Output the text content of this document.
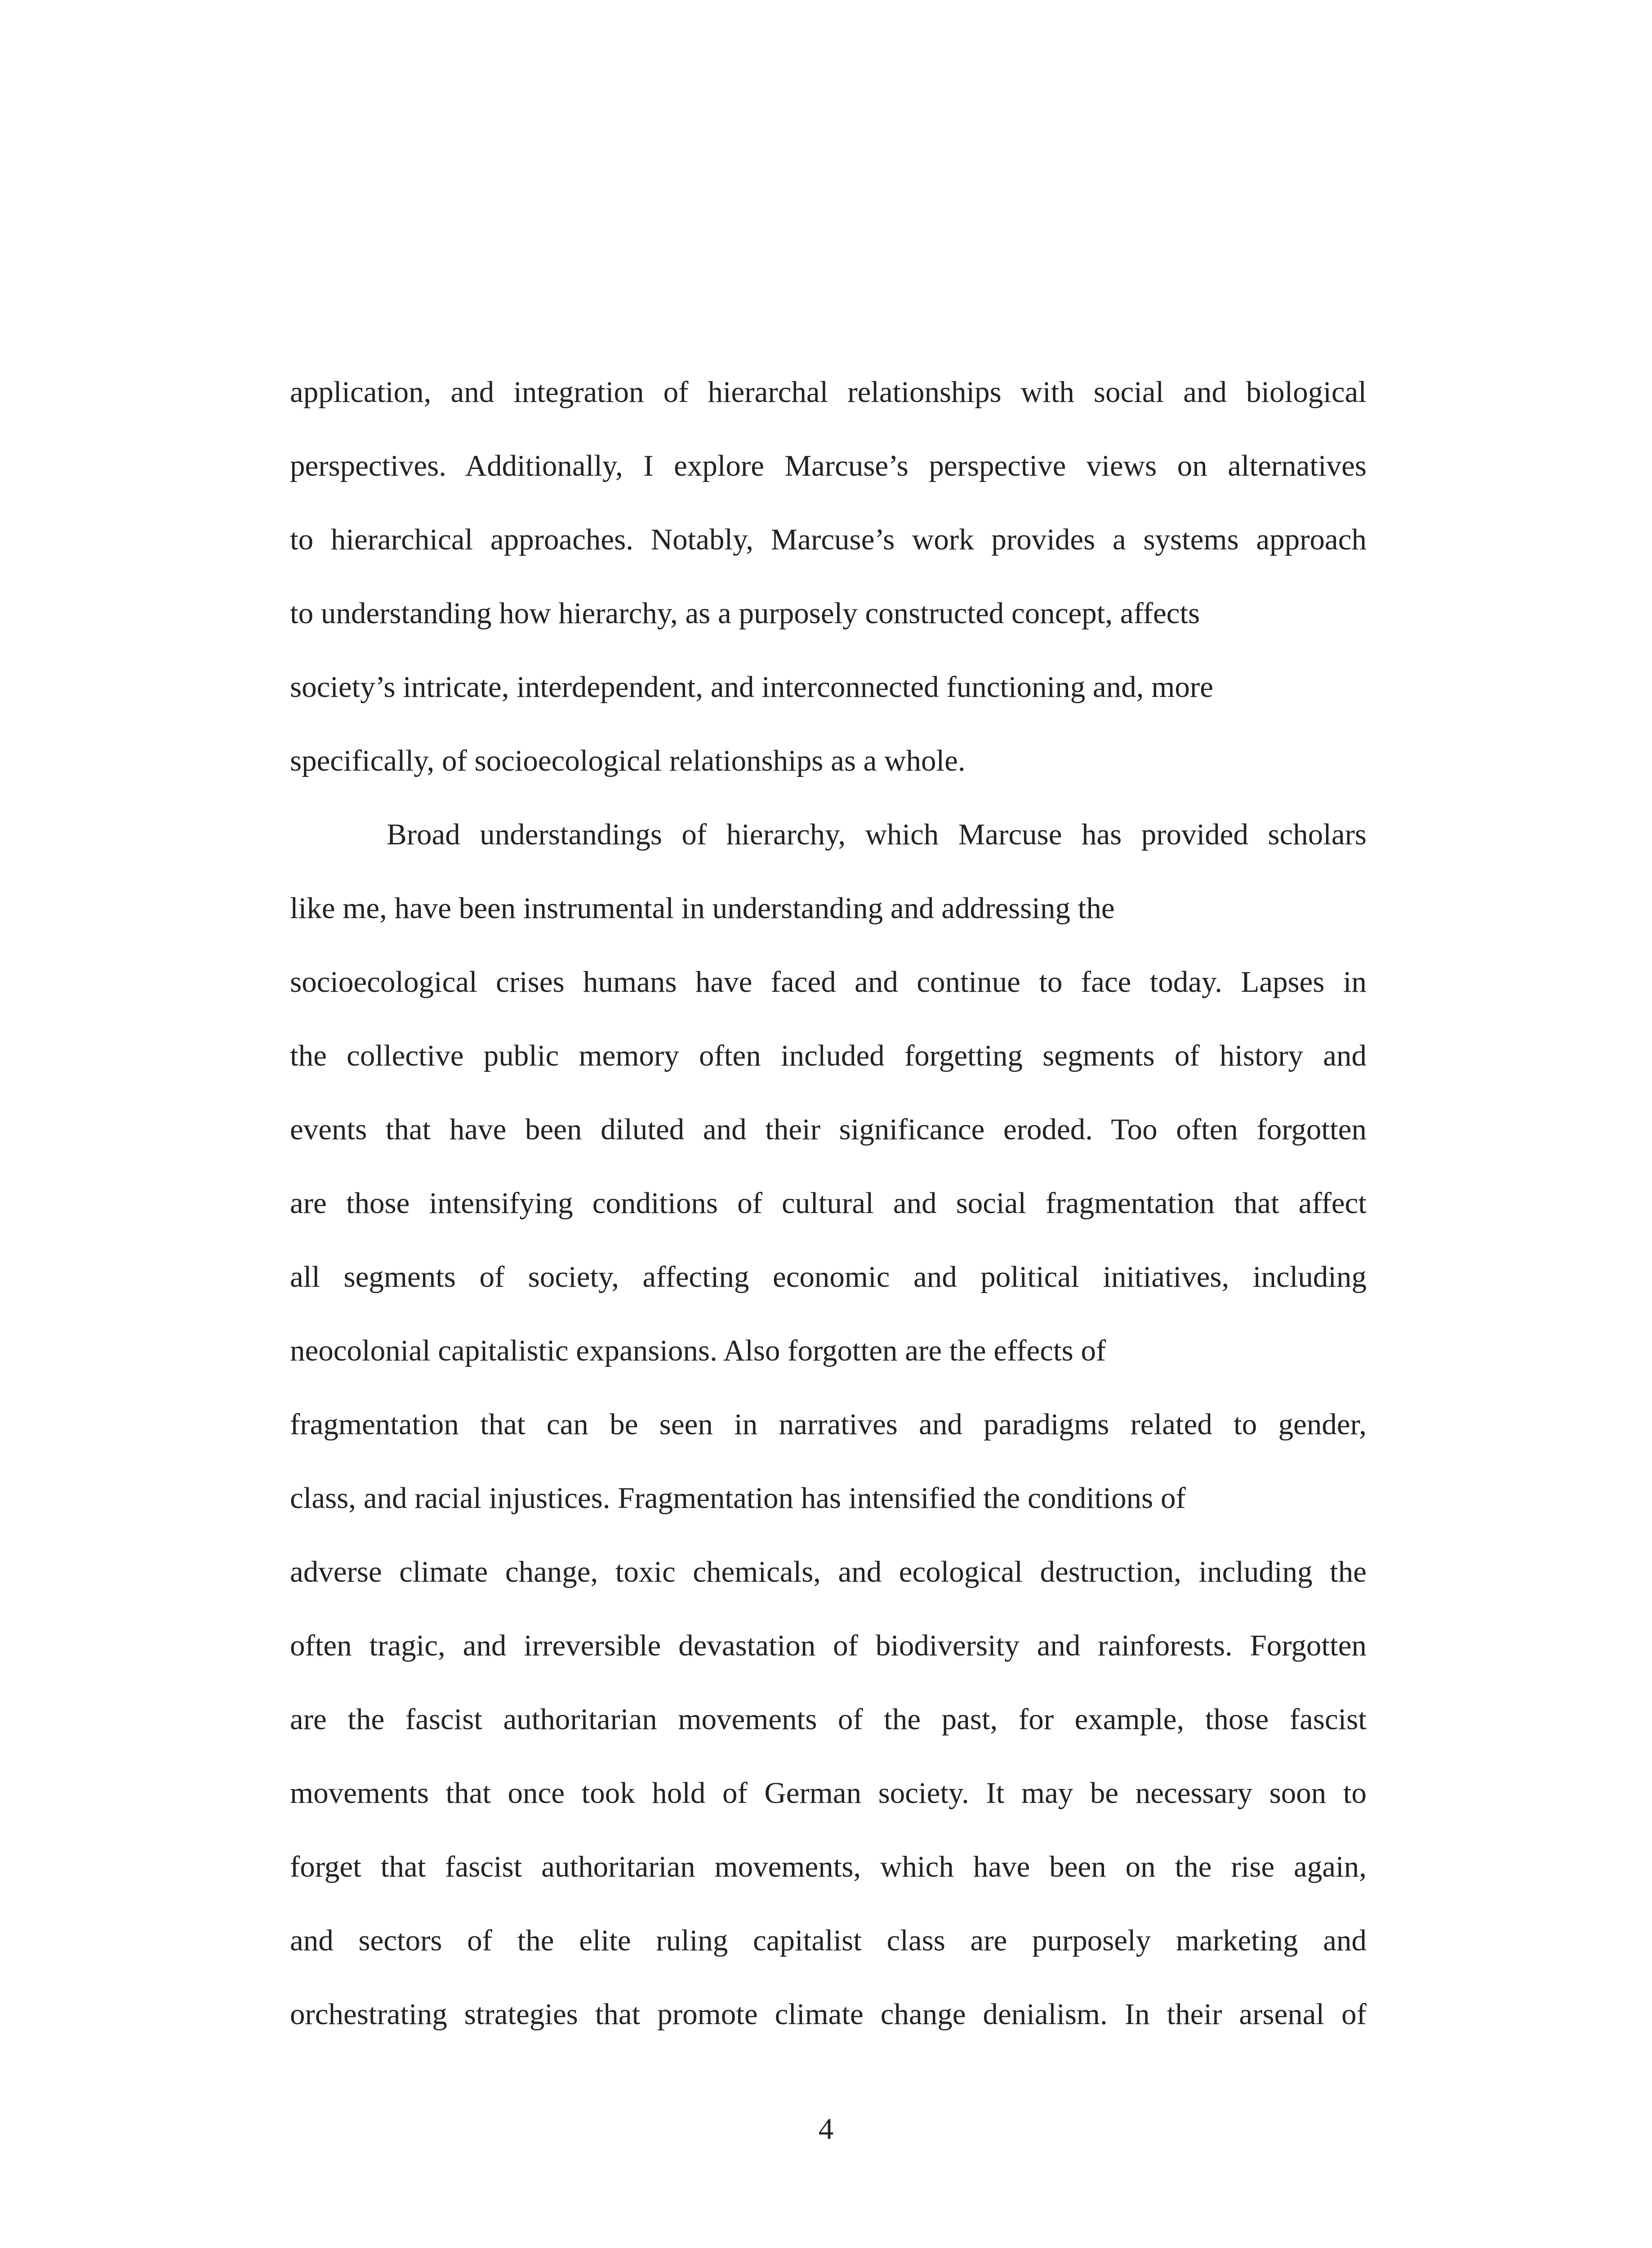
application, and integration of hierarchal relationships with social and biological
perspectives. Additionally, I explore Marcuse’s perspective views on alternatives
to hierarchical approaches. Notably, Marcuse’s work provides a systems approach
to understanding how hierarchy, as a purposely constructed concept, affects
society’s intricate, interdependent, and interconnected functioning and, more
specifically, of socioecological relationships as a whole.
Broad understandings of hierarchy, which Marcuse has provided scholars
like me, have been instrumental in understanding and addressing the
socioecological crises humans have faced and continue to face today. Lapses in
the collective public memory often included forgetting segments of history and
events that have been diluted and their significance eroded. Too often forgotten
are those intensifying conditions of cultural and social fragmentation that affect
all segments of society, affecting economic and political initiatives, including
neocolonial capitalistic expansions. Also forgotten are the effects of
fragmentation that can be seen in narratives and paradigms related to gender,
class, and racial injustices. Fragmentation has intensified the conditions of
adverse climate change, toxic chemicals, and ecological destruction, including the
often tragic, and irreversible devastation of biodiversity and rainforests. Forgotten
are the fascist authoritarian movements of the past, for example, those fascist
movements that once took hold of German society. It may be necessary soon to
forget that fascist authoritarian movements, which have been on the rise again,
and sectors of the elite ruling capitalist class are purposely marketing and
orchestrating strategies that promote climate change denialism. In their arsenal of
4
